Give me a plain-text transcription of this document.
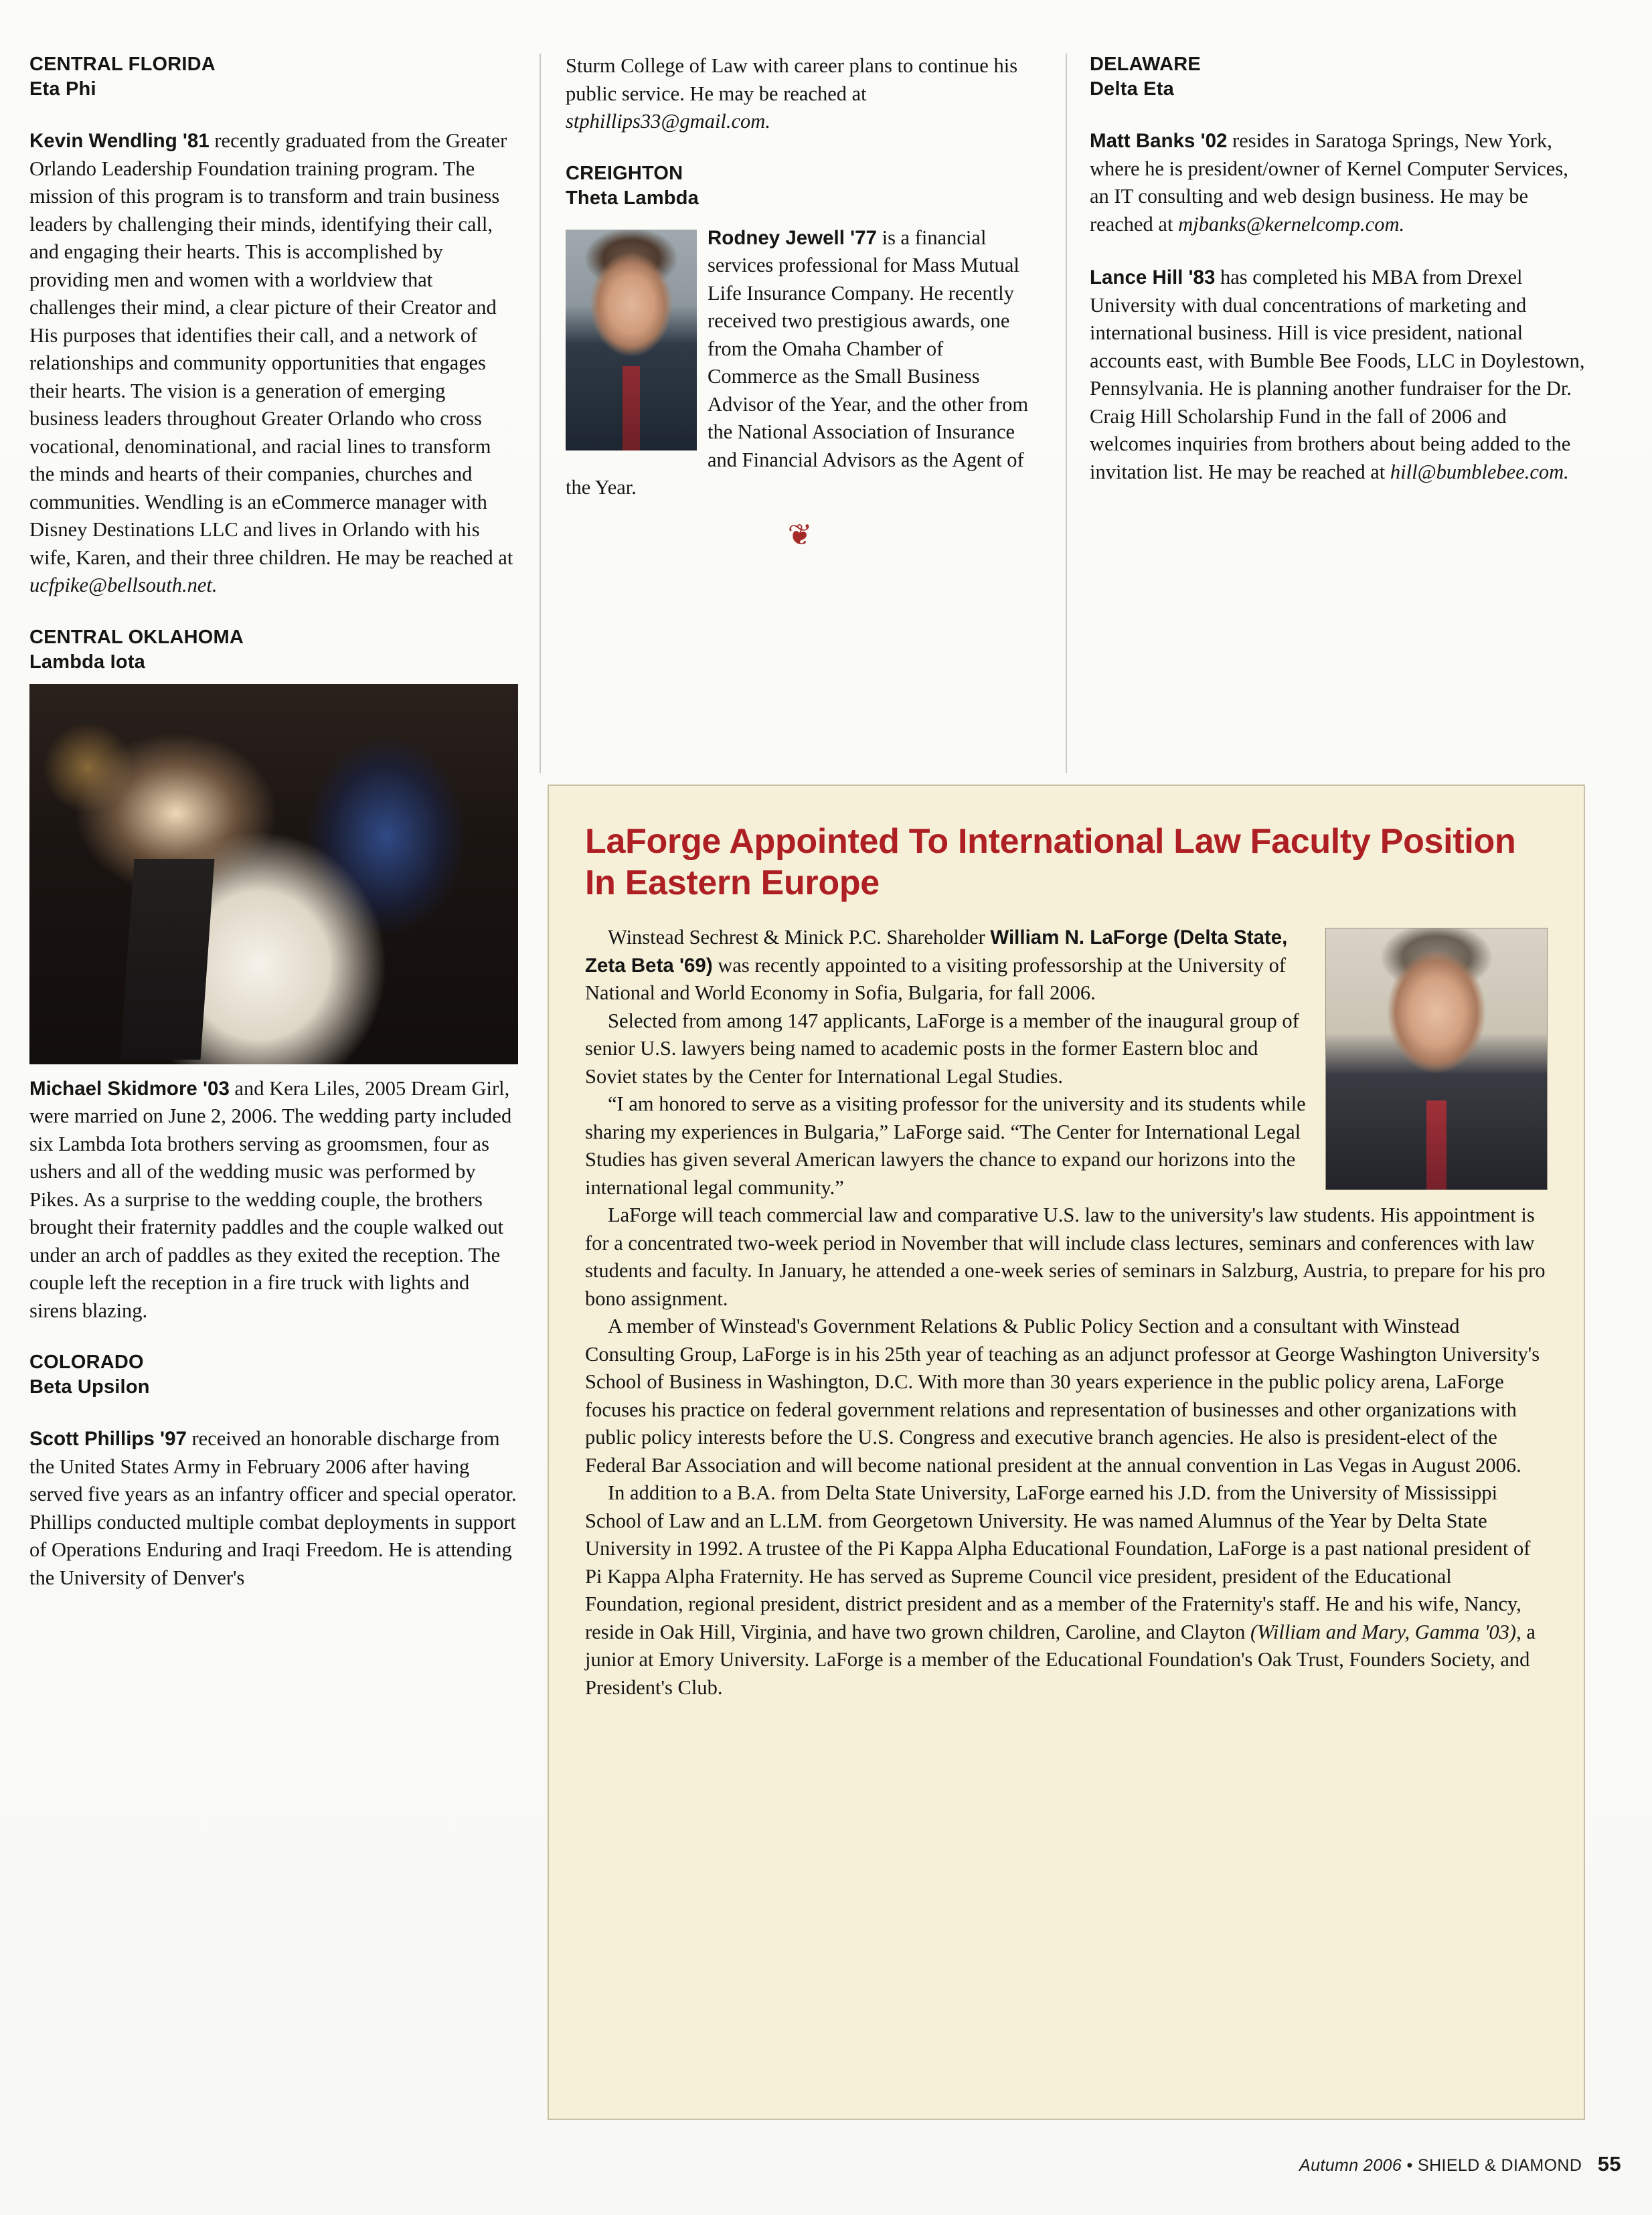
CENTRAL FLORIDA
Eta Phi

Kevin Wendling '81 recently graduated from the Greater Orlando Leadership Foundation training program. The mission of this program is to transform and train business leaders by challenging their minds, identifying their call, and engaging their hearts. This is accomplished by providing men and women with a worldview that challenges their mind, a clear picture of their Creator and His purposes that identifies their call, and a network of relationships and community opportunities that engages their hearts. The vision is a generation of emerging business leaders throughout Greater Orlando who cross vocational, denominational, and racial lines to transform the minds and hearts of their companies, churches and communities. Wendling is an eCommerce manager with Disney Destinations LLC and lives in Orlando with his wife, Karen, and their three children. He may be reached at ucfpike@bellsouth.net.

CENTRAL OKLAHOMA
Lambda Iota

Michael Skidmore '03 and Kera Liles, 2005 Dream Girl, were married on June 2, 2006. The wedding party included six Lambda Iota brothers serving as groomsmen, four as ushers and all of the wedding music was performed by Pikes. As a surprise to the wedding couple, the brothers brought their fraternity paddles and the couple walked out under an arch of paddles as they exited the reception. The couple left the reception in a fire truck with lights and sirens blazing.

COLORADO
Beta Upsilon

Scott Phillips '97 received an honorable discharge from the United States Army in February 2006 after having served five years as an infantry officer and special operator. Phillips conducted multiple combat deployments in support of Operations Enduring and Iraqi Freedom. He is attending the University of Denver's

Sturm College of Law with career plans to continue his public service. He may be reached at stphillips33@gmail.com.

CREIGHTON
Theta Lambda

Rodney Jewell '77 is a financial services professional for Mass Mutual Life Insurance Company. He recently received two prestigious awards, one from the Omaha Chamber of Commerce as the Small Business Advisor of the Year, and the other from the National Association of Insurance and Financial Advisors as the Agent of the Year.

❦
DELAWARE
Delta Eta

Matt Banks '02 resides in Saratoga Springs, New York, where he is president/owner of Kernel Computer Services, an IT consulting and web design business. He may be reached at mjbanks@kernelcomp.com.

Lance Hill '83 has completed his MBA from Drexel University with dual concentrations of marketing and international business. Hill is vice president, national accounts east, with Bumble Bee Foods, LLC in Doylestown, Pennsylvania. He is planning another fundraiser for the Dr. Craig Hill Scholarship Fund in the fall of 2006 and welcomes inquiries from brothers about being added to the invitation list. He may be reached at hill@bumblebee.com.

LaForge Appointed To International Law Faculty Position In Eastern Europe

Winstead Sechrest & Minick P.C. Shareholder William N. LaForge (Delta State, Zeta Beta '69) was recently appointed to a visiting professorship at the University of National and World Economy in Sofia, Bulgaria, for fall 2006.

Selected from among 147 applicants, LaForge is a member of the inaugural group of senior U.S. lawyers being named to academic posts in the former Eastern bloc and Soviet states by the Center for International Legal Studies.

“I am honored to serve as a visiting professor for the university and its students while sharing my experiences in Bulgaria,” LaForge said. “The Center for International Legal Studies has given several American lawyers the chance to expand our horizons into the international legal community.”

LaForge will teach commercial law and comparative U.S. law to the university's law students. His appointment is for a concentrated two-week period in November that will include class lectures, seminars and conferences with law students and faculty. In January, he attended a one-week series of seminars in Salzburg, Austria, to prepare for his pro bono assignment.

A member of Winstead's Government Relations & Public Policy Section and a consultant with Winstead Consulting Group, LaForge is in his 25th year of teaching as an adjunct professor at George Washington University's School of Business in Washington, D.C. With more than 30 years experience in the public policy arena, LaForge focuses his practice on federal government relations and representation of businesses and other organizations with public policy interests before the U.S. Congress and executive branch agencies. He also is president-elect of the Federal Bar Association and will become national president at the annual convention in Las Vegas in August 2006.

In addition to a B.A. from Delta State University, LaForge earned his J.D. from the University of Mississippi School of Law and an L.LM. from Georgetown University. He was named Alumnus of the Year by Delta State University in 1992. A trustee of the Pi Kappa Alpha Educational Foundation, LaForge is a past national president of Pi Kappa Alpha Fraternity. He has served as Supreme Council vice president, president of the Educational Foundation, regional president, district president and as a member of the Fraternity's staff. He and his wife, Nancy, reside in Oak Hill, Virginia, and have two grown children, Caroline, and Clayton (William and Mary, Gamma '03), a junior at Emory University. LaForge is a member of the Educational Foundation's Oak Trust, Founders Society, and President's Club.

Autumn 2006 • SHIELD & DIAMOND 55
